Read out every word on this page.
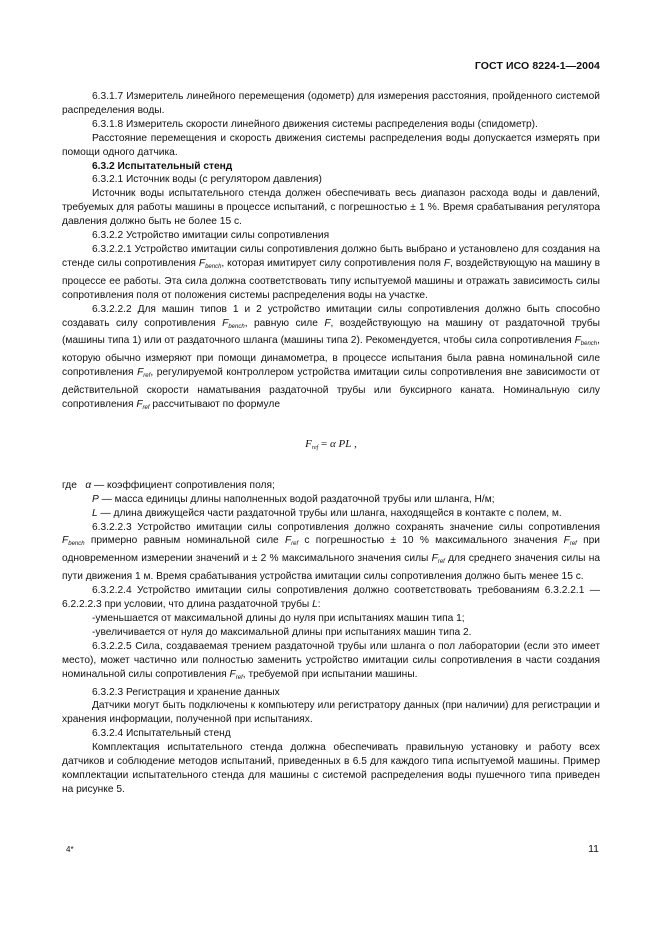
ГОСТ ИСО 8224-1—2004

6.3.1.7 Измеритель линейного перемещения (одометр) для измерения расстояния, пройденного системой распределения воды.

6.3.1.8 Измеритель скорости линейного движения системы распределения воды (спидометр).

Расстояние перемещения и скорость движения системы распределения воды допускается измерять при помощи одного датчика.

6.3.2 Испытательный стенд

6.3.2.1 Источник воды (с регулятором давления)

Источник воды испытательного стенда должен обеспечивать весь диапазон расхода воды и давлений, требуемых для работы машины в процессе испытаний, с погрешностью ± 1 %. Время срабатывания регулятора давления должно быть не более 15 с.

6.3.2.2 Устройство имитации силы сопротивления

6.3.2.2.1 Устройство имитации силы сопротивления должно быть выбрано и установлено для создания на стенде силы сопротивления $F_{bench}$, которая имитирует силу сопротивления поля F, воздействующую на машину в процессе ее работы. Эта сила должна соответствовать типу испытуемой машины и отражать зависимость силы сопротивления поля от положения системы распределения воды на участке.

6.3.2.2.2 Для машин типов 1 и 2 устройство имитации силы сопротивления должно быть способно создавать силу сопротивления $F_{bench}$, равную силе F, воздействующую на машину от раздаточной трубы (машины типа 1) или от раздаточного шланга (машины типа 2). Рекомендуется, чтобы сила сопротивления $F_{bench}$, которую обычно измеряют при помощи динамометра, в процессе испытания была равна номинальной силе сопротивления $F_{ref}$, регулируемой контроллером устройства имитации силы сопротивления вне зависимости от действительной скорости наматывания раздаточной трубы или буксирного каната. Номинальную силу сопротивления $F_{ref}$ рассчитывают по формуле

$F_{ref} = \alpha$ PL ,

где   α — коэффициент сопротивления поля;

P — масса единицы длины наполненных водой раздаточной трубы или шланга, Н/м;

L — длина движущейся части раздаточной трубы или шланга, находящейся в контакте с полем, м.

6.3.2.2.3 Устройство имитации силы сопротивления должно сохранять значение силы сопротивления $F_{bench}$ примерно равным номинальной силе $F_{ref}$ с погрешностью ± 10 % максимального значения $F_{ref}$ при одновременном измерении значений и ± 2 % максимального значения силы $F_{ref}$ для среднего значения силы на пути движения 1 м. Время срабатывания устройства имитации силы сопротивления должно быть менее 15 с.

6.3.2.2.4 Устройство имитации силы сопротивления должно соответствовать требованиям 6.3.2.2.1 — 6.2.2.2.3 при условии, что длина раздаточной трубы L:

-уменьшается от максимальной длины до нуля при испытаниях машин типа 1;

-увеличивается от нуля до максимальной длины при испытаниях машин типа 2.

6.3.2.2.5 Сила, создаваемая трением раздаточной трубы или шланга о пол лаборатории (если это имеет место), может частично или полностью заменить устройство имитации силы сопротивления в части создания номинальной силы сопротивления $F_{ref}$, требуемой при испытании машины.

6.3.2.3 Регистрация и хранение данных

Датчики могут быть подключены к компьютеру или регистратору данных (при наличии) для регистрации и хранения информации, полученной при испытаниях.

6.3.2.4 Испытательный стенд

Комплектация испытательного стенда должна обеспечивать правильную установку и работу всех датчиков и соблюдение методов испытаний, приведенных в 6.5 для каждого типа испытуемой машины. Пример комплектации испытательного стенда для машины с системой распределения воды пушечного типа приведен на рисунке 5.

4*	11
